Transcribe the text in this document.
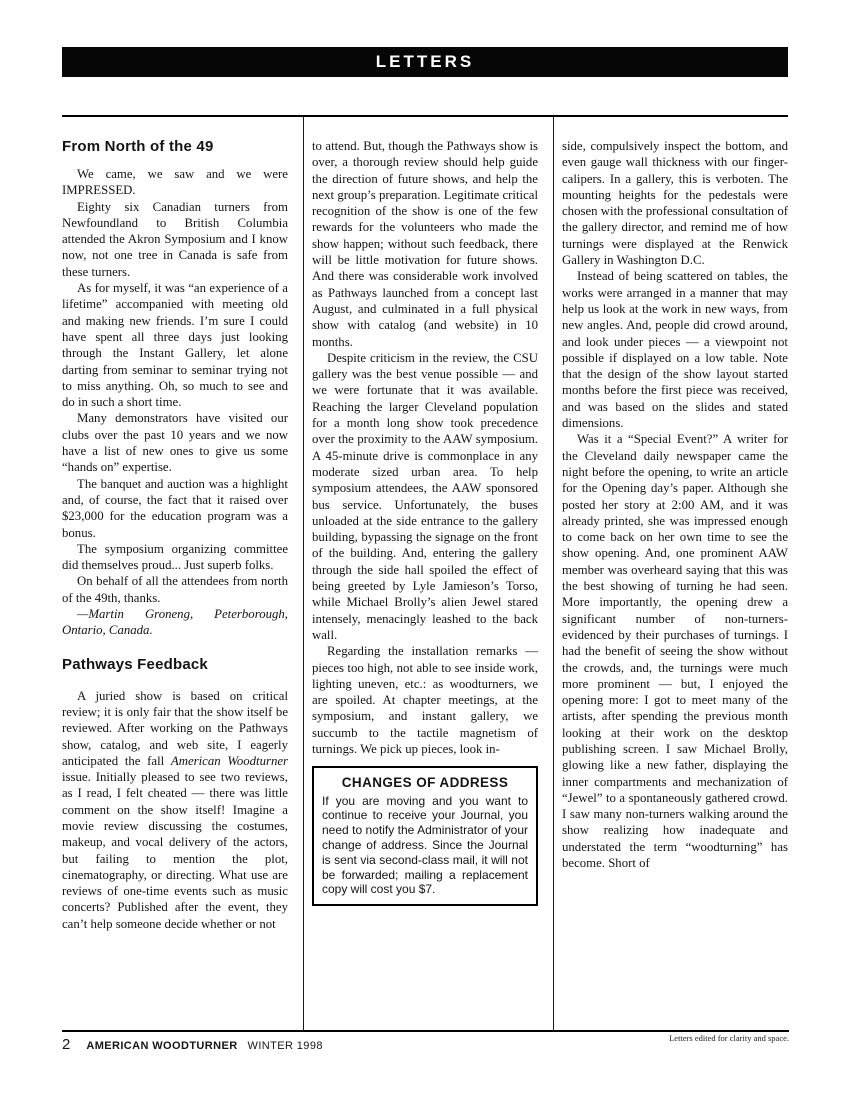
LETTERS
From North of the 49

We came, we saw and we were IMPRESSED.

Eighty six Canadian turners from Newfoundland to British Columbia attended the Akron Symposium and I know now, not one tree in Canada is safe from these turners.

As for myself, it was “an experience of a lifetime” accompanied with meeting old and making new friends. I’m sure I could have spent all three days just looking through the Instant Gallery, let alone darting from seminar to seminar trying not to miss anything. Oh, so much to see and do in such a short time.

Many demonstrators have visited our clubs over the past 10 years and we now have a list of new ones to give us some “hands on” expertise.

The banquet and auction was a highlight and, of course, the fact that it raised over $23,000 for the education program was a bonus.

The symposium organizing committee did themselves proud... Just superb folks.

On behalf of all the attendees from north of the 49th, thanks.

—Martin Groneng, Peterborough, Ontario, Canada.

Pathways Feedback

A juried show is based on critical review; it is only fair that the show itself be reviewed. After working on the Pathways show, catalog, and web site, I eagerly anticipated the fall American Woodturner issue. Initially pleased to see two reviews, as I read, I felt cheated — there was little comment on the show itself! Imagine a movie review discussing the costumes, makeup, and vocal delivery of the actors, but failing to mention the plot, cinematography, or directing. What use are reviews of one-time events such as music concerts? Published after the event, they can’t help someone decide whether or not

to attend. But, though the Pathways show is over, a thorough review should help guide the direction of future shows, and help the next group’s preparation. Legitimate critical recognition of the show is one of the few rewards for the volunteers who made the show happen; without such feedback, there will be little motivation for future shows. And there was considerable work involved as Pathways launched from a concept last August, and culminated in a full physical show with catalog (and website) in 10 months.

Despite criticism in the review, the CSU gallery was the best venue possible — and we were fortunate that it was available. Reaching the larger Cleveland population for a month long show took precedence over the proximity to the AAW symposium. A 45-minute drive is commonplace in any moderate sized urban area. To help symposium attendees, the AAW sponsored bus service. Unfortunately, the buses unloaded at the side entrance to the gallery building, bypassing the signage on the front of the building. And, entering the gallery through the side hall spoiled the effect of being greeted by Lyle Jamieson’s Torso, while Michael Brolly’s alien Jewel stared intensely, menacingly leashed to the back wall.

Regarding the installation remarks — pieces too high, not able to see inside work, lighting uneven, etc.: as woodturners, we are spoiled. At chapter meetings, at the symposium, and instant gallery, we succumb to the tactile magnetism of turnings. We pick up pieces, look in-

CHANGES OF ADDRESS

If you are moving and you want to continue to receive your Journal, you need to notify the Administrator of your change of address. Since the Journal is sent via second-class mail, it will not be forwarded; mailing a replacement copy will cost you $7.

side, compulsively inspect the bottom, and even gauge wall thickness with our finger-calipers. In a gallery, this is verboten. The mounting heights for the pedestals were chosen with the professional consultation of the gallery director, and remind me of how turnings were displayed at the Renwick Gallery in Washington D.C.

Instead of being scattered on tables, the works were arranged in a manner that may help us look at the work in new ways, from new angles. And, people did crowd around, and look under pieces — a viewpoint not possible if displayed on a low table. Note that the design of the show layout started months before the first piece was received, and was based on the slides and stated dimensions.

Was it a “Special Event?” A writer for the Cleveland daily newspaper came the night before the opening, to write an article for the Opening day’s paper. Although she posted her story at 2:00 AM, and it was already printed, she was impressed enough to come back on her own time to see the show opening. And, one prominent AAW member was overheard saying that this was the best showing of turning he had seen. More importantly, the opening drew a significant number of non-turners-evidenced by their purchases of turnings. I had the benefit of seeing the show without the crowds, and, the turnings were much more prominent — but, I enjoyed the opening more: I got to meet many of the artists, after spending the previous month looking at their work on the desktop publishing screen. I saw Michael Brolly, glowing like a new father, displaying the inner compartments and mechanization of “Jewel” to a spontaneously gathered crowd. I saw many non-turners walking around the show realizing how inadequate and understated the term “woodturning” has become. Short of

2 AMERICAN WOODTURNER WINTER 1998
Letters edited for clarity and space.
